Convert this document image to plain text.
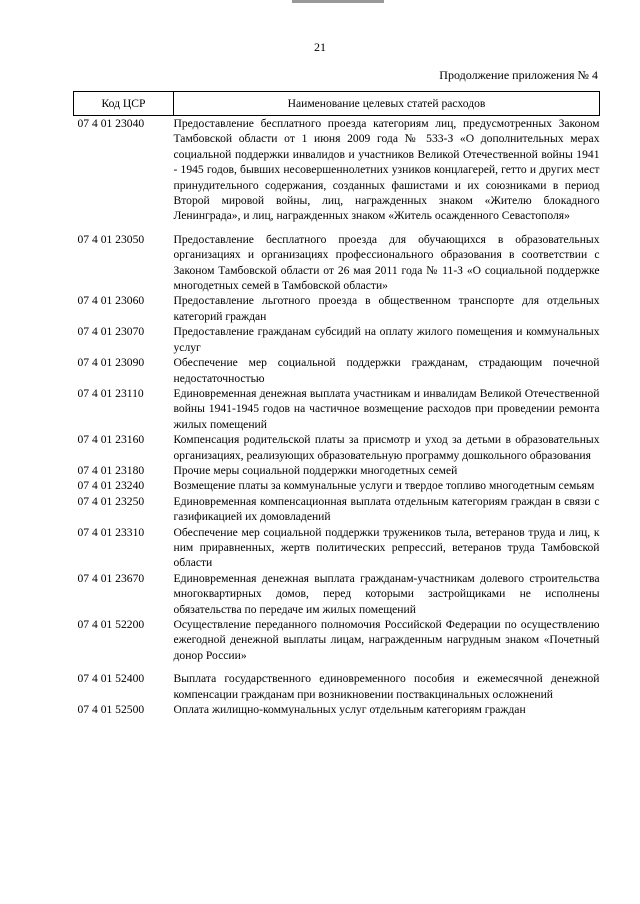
21
Продолжение приложения № 4
Код ЦСР	Наименование целевых статей расходов
07 4 01 23040	Предоставление бесплатного проезда категориям лиц, предусмотренных Законом Тамбовской области от 1 июня 2009 года № 533-З «О дополнительных мерах социальной поддержки инвалидов и участников Великой Отечественной войны 1941 - 1945 годов, бывших несовершеннолетних узников концлагерей, гетто и других мест принудительного содержания, созданных фашистами и их союзниками в период Второй мировой войны, лиц, награжденных знаком «Жителю блокадного Ленинграда», и лиц, награжденных знаком «Житель осажденного Севастополя»
07 4 01 23050	Предоставление бесплатного проезда для обучающихся в образовательных организациях и организациях профессионального образования в соответствии с Законом Тамбовской области от 26 мая 2011 года № 11-З «О социальной поддержке многодетных семей в Тамбовской области»
07 4 01 23060	Предоставление льготного проезда в общественном транспорте для отдельных категорий граждан
07 4 01 23070	Предоставление гражданам субсидий на оплату жилого помещения и коммунальных услуг
07 4 01 23090	Обеспечение мер социальной поддержки гражданам, страдающим почечной недостаточностью
07 4 01 23110	Единовременная денежная выплата участникам и инвалидам Великой Отечественной войны 1941-1945 годов на частичное возмещение расходов при проведении ремонта жилых помещений
07 4 01 23160	Компенсация родительской платы за присмотр и уход за детьми в образовательных организациях, реализующих образовательную программу дошкольного образования
07 4 01 23180	Прочие меры социальной поддержки многодетных семей
07 4 01 23240	Возмещение платы за коммунальные услуги и твердое топливо многодетным семьям
07 4 01 23250	Единовременная компенсационная выплата отдельным категориям граждан в связи с газификацией их домовладений
07 4 01 23310	Обеспечение мер социальной поддержки тружеников тыла, ветеранов труда и лиц, к ним приравненных, жертв политических репрессий, ветеранов труда Тамбовской области
07 4 01 23670	Единовременная денежная выплата гражданам-участникам долевого строительства многоквартирных домов, перед которыми застройщиками не исполнены обязательства по передаче им жилых помещений
07 4 01 52200	Осуществление переданного полномочия Российской Федерации по осуществлению ежегодной денежной выплаты лицам, награжденным нагрудным знаком «Почетный донор России»
07 4 01 52400	Выплата государственного единовременного пособия и ежемесячной денежной компенсации гражданам при возникновении поствакцинальных осложнений
07 4 01 52500	Оплата жилищно-коммунальных услуг отдельным категориям граждан
